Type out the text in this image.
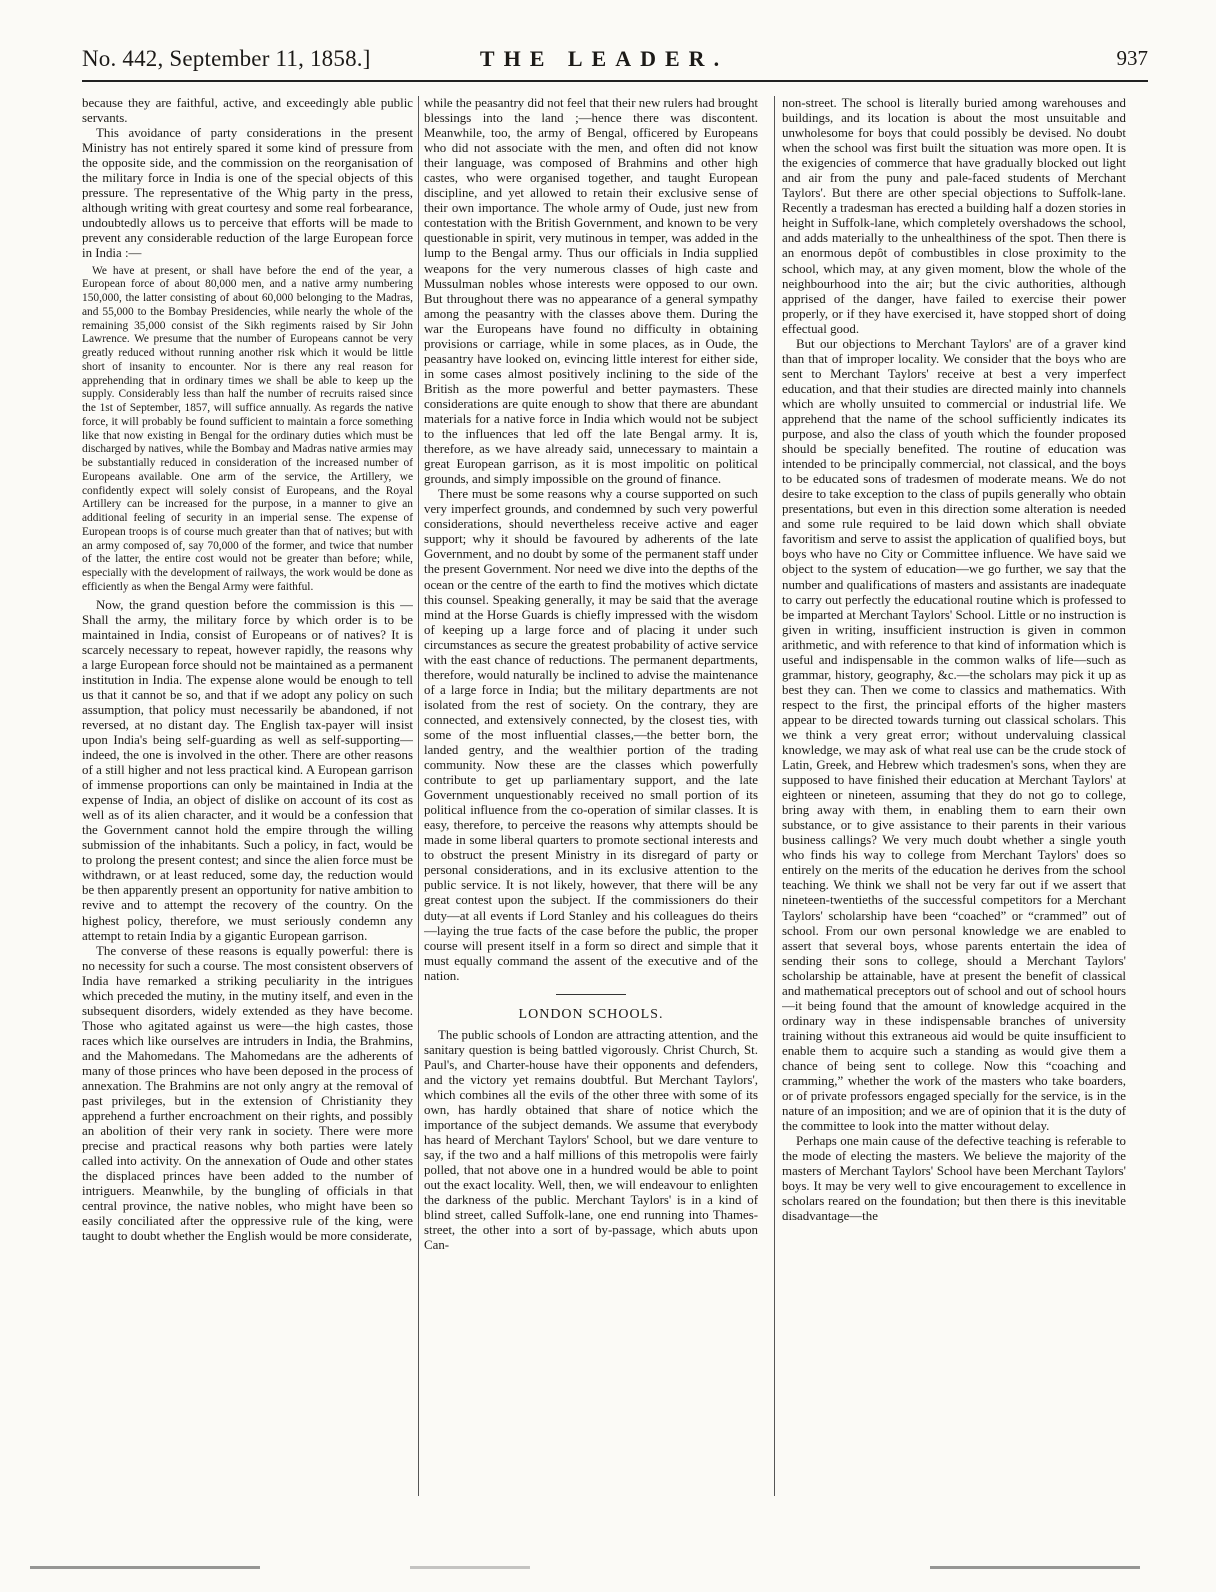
No. 442, September 11, 1858.]	THE LEADER.	937

because they are faithful, active, and exceedingly able public servants.

This avoidance of party considerations in the present Ministry has not entirely spared it some kind of pressure from the opposite side, and the commission on the reorganisation of the military force in India is one of the special objects of this pressure. The representative of the Whig party in the press, although writing with great courtesy and some real forbearance, undoubtedly allows us to perceive that efforts will be made to prevent any considerable reduction of the large European force in India :—

We have at present, or shall have before the end of the year, a European force of about 80,000 men, and a native army numbering 150,000, the latter consisting of about 60,000 belonging to the Madras, and 55,000 to the Bombay Presidencies, while nearly the whole of the remaining 35,000 consist of the Sikh regiments raised by Sir John Lawrence. We presume that the number of Europeans cannot be very greatly reduced without running another risk which it would be little short of insanity to encounter. Nor is there any real reason for apprehending that in ordinary times we shall be able to keep up the supply. Considerably less than half the number of recruits raised since the 1st of September, 1857, will suffice annually. As regards the native force, it will probably be found sufficient to maintain a force something like that now existing in Bengal for the ordinary duties which must be discharged by natives, while the Bombay and Madras native armies may be substantially reduced in consideration of the increased number of Europeans available. One arm of the service, the Artillery, we confidently expect will solely consist of Europeans, and the Royal Artillery can be increased for the purpose, in a manner to give an additional feeling of security in an imperial sense. The expense of European troops is of course much greater than that of natives; but with an army composed of, say 70,000 of the former, and twice that number of the latter, the entire cost would not be greater than before; while, especially with the development of railways, the work would be done as efficiently as when the Bengal Army were faithful.

Now, the grand question before the commission is this — Shall the army, the military force by which order is to be maintained in India, consist of Europeans or of natives? It is scarcely necessary to repeat, however rapidly, the reasons why a large European force should not be maintained as a permanent institution in India. The expense alone would be enough to tell us that it cannot be so, and that if we adopt any policy on such assumption, that policy must necessarily be abandoned, if not reversed, at no distant day. The English tax-payer will insist upon India's being self-guarding as well as self-supporting—indeed, the one is involved in the other. There are other reasons of a still higher and not less practical kind. A European garrison of immense proportions can only be maintained in India at the expense of India, an object of dislike on account of its cost as well as of its alien character, and it would be a confession that the Government cannot hold the empire through the willing submission of the inhabitants. Such a policy, in fact, would be to prolong the present contest; and since the alien force must be withdrawn, or at least reduced, some day, the reduction would be then apparently present an opportunity for native ambition to revive and to attempt the recovery of the country. On the highest policy, therefore, we must seriously condemn any attempt to retain India by a gigantic European garrison.

The converse of these reasons is equally powerful: there is no necessity for such a course. The most consistent observers of India have remarked a striking peculiarity in the intrigues which preceded the mutiny, in the mutiny itself, and even in the subsequent disorders, widely extended as they have become. Those who agitated against us were—the high castes, those races which like ourselves are intruders in India, the Brahmins, and the Mahomedans. The Mahomedans are the adherents of many of those princes who have been deposed in the process of annexation. The Brahmins are not only angry at the removal of past privileges, but in the extension of Christianity they apprehend a further encroachment on their rights, and possibly an abolition of their very rank in society. There were more precise and practical reasons why both parties were lately called into activity. On the annexation of Oude and other states the displaced princes have been added to the number of intriguers. Meanwhile, by the bungling of officials in that central province, the native nobles, who might have been so easily conciliated after the oppressive rule of the king, were taught to doubt whether the English would be more considerate,

while the peasantry did not feel that their new rulers had brought blessings into the land ;—hence there was discontent. Meanwhile, too, the army of Bengal, officered by Europeans who did not associate with the men, and often did not know their language, was composed of Brahmins and other high castes, who were organised together, and taught European discipline, and yet allowed to retain their exclusive sense of their own importance. The whole army of Oude, just new from contestation with the British Government, and known to be very questionable in spirit, very mutinous in temper, was added in the lump to the Bengal army. Thus our officials in India supplied weapons for the very numerous classes of high caste and Mussulman nobles whose interests were opposed to our own. But throughout there was no appearance of a general sympathy among the peasantry with the classes above them. During the war the Europeans have found no difficulty in obtaining provisions or carriage, while in some places, as in Oude, the peasantry have looked on, evincing little interest for either side, in some cases almost positively inclining to the side of the British as the more powerful and better paymasters. These considerations are quite enough to show that there are abundant materials for a native force in India which would not be subject to the influences that led off the late Bengal army. It is, therefore, as we have already said, unnecessary to maintain a great European garrison, as it is most impolitic on political grounds, and simply impossible on the ground of finance.

There must be some reasons why a course supported on such very imperfect grounds, and condemned by such very powerful considerations, should nevertheless receive active and eager support; why it should be favoured by adherents of the late Government, and no doubt by some of the permanent staff under the present Government. Nor need we dive into the depths of the ocean or the centre of the earth to find the motives which dictate this counsel. Speaking generally, it may be said that the average mind at the Horse Guards is chiefly impressed with the wisdom of keeping up a large force and of placing it under such circumstances as secure the greatest probability of active service with the east chance of reductions. The permanent departments, therefore, would naturally be inclined to advise the maintenance of a large force in India; but the military departments are not isolated from the rest of society. On the contrary, they are connected, and extensively connected, by the closest ties, with some of the most influential classes,—the better born, the landed gentry, and the wealthier portion of the trading community. Now these are the classes which powerfully contribute to get up parliamentary support, and the late Government unquestionably received no small portion of its political influence from the co-operation of similar classes. It is easy, therefore, to perceive the reasons why attempts should be made in some liberal quarters to promote sectional interests and to obstruct the present Ministry in its disregard of party or personal considerations, and in its exclusive attention to the public service. It is not likely, however, that there will be any great contest upon the subject. If the commissioners do their duty—at all events if Lord Stanley and his colleagues do theirs—laying the true facts of the case before the public, the proper course will present itself in a form so direct and simple that it must equally command the assent of the executive and of the nation.

LONDON SCHOOLS.

The public schools of London are attracting attention, and the sanitary question is being battled vigorously. Christ Church, St. Paul's, and Charter-house have their opponents and defenders, and the victory yet remains doubtful. But Merchant Taylors', which combines all the evils of the other three with some of its own, has hardly obtained that share of notice which the importance of the subject demands. We assume that everybody has heard of Merchant Taylors' School, but we dare venture to say, if the two and a half millions of this metropolis were fairly polled, that not above one in a hundred would be able to point out the exact locality. Well, then, we will endeavour to enlighten the darkness of the public. Merchant Taylors' is in a kind of blind street, called Suffolk-lane, one end running into Thames-street, the other into a sort of by-passage, which abuts upon Can-

non-street. The school is literally buried among warehouses and buildings, and its location is about the most unsuitable and unwholesome for boys that could possibly be devised. No doubt when the school was first built the situation was more open. It is the exigencies of commerce that have gradually blocked out light and air from the puny and pale-faced students of Merchant Taylors'. But there are other special objections to Suffolk-lane. Recently a tradesman has erected a building half a dozen stories in height in Suffolk-lane, which completely overshadows the school, and adds materially to the unhealthiness of the spot. Then there is an enormous depôt of combustibles in close proximity to the school, which may, at any given moment, blow the whole of the neighbourhood into the air; but the civic authorities, although apprised of the danger, have failed to exercise their power properly, or if they have exercised it, have stopped short of doing effectual good.

But our objections to Merchant Taylors' are of a graver kind than that of improper locality. We consider that the boys who are sent to Merchant Taylors' receive at best a very imperfect education, and that their studies are directed mainly into channels which are wholly unsuited to commercial or industrial life. We apprehend that the name of the school sufficiently indicates its purpose, and also the class of youth which the founder proposed should be specially benefited. The routine of education was intended to be principally commercial, not classical, and the boys to be educated sons of tradesmen of moderate means. We do not desire to take exception to the class of pupils generally who obtain presentations, but even in this direction some alteration is needed and some rule required to be laid down which shall obviate favoritism and serve to assist the application of qualified boys, but boys who have no City or Committee influence. We have said we object to the system of education—we go further, we say that the number and qualifications of masters and assistants are inadequate to carry out perfectly the educational routine which is professed to be imparted at Merchant Taylors' School. Little or no instruction is given in writing, insufficient instruction is given in common arithmetic, and with reference to that kind of information which is useful and indispensable in the common walks of life—such as grammar, history, geography, &c.—the scholars may pick it up as best they can. Then we come to classics and mathematics. With respect to the first, the principal efforts of the higher masters appear to be directed towards turning out classical scholars. This we think a very great error; without undervaluing classical knowledge, we may ask of what real use can be the crude stock of Latin, Greek, and Hebrew which tradesmen's sons, when they are supposed to have finished their education at Merchant Taylors' at eighteen or nineteen, assuming that they do not go to college, bring away with them, in enabling them to earn their own substance, or to give assistance to their parents in their various business callings? We very much doubt whether a single youth who finds his way to college from Merchant Taylors' does so entirely on the merits of the education he derives from the school teaching. We think we shall not be very far out if we assert that nineteen-twentieths of the successful competitors for a Merchant Taylors' scholarship have been “coached” or “crammed” out of school. From our own personal knowledge we are enabled to assert that several boys, whose parents entertain the idea of sending their sons to college, should a Merchant Taylors' scholarship be attainable, have at present the benefit of classical and mathematical preceptors out of school and out of school hours—it being found that the amount of knowledge acquired in the ordinary way in these indispensable branches of university training without this extraneous aid would be quite insufficient to enable them to acquire such a standing as would give them a chance of being sent to college. Now this “coaching and cramming,” whether the work of the masters who take boarders, or of private professors engaged specially for the service, is in the nature of an imposition; and we are of opinion that it is the duty of the committee to look into the matter without delay.

Perhaps one main cause of the defective teaching is referable to the mode of electing the masters. We believe the majority of the masters of Merchant Taylors' School have been Merchant Taylors' boys. It may be very well to give encouragement to excellence in scholars reared on the foundation; but then there is this inevitable disadvantage—the
